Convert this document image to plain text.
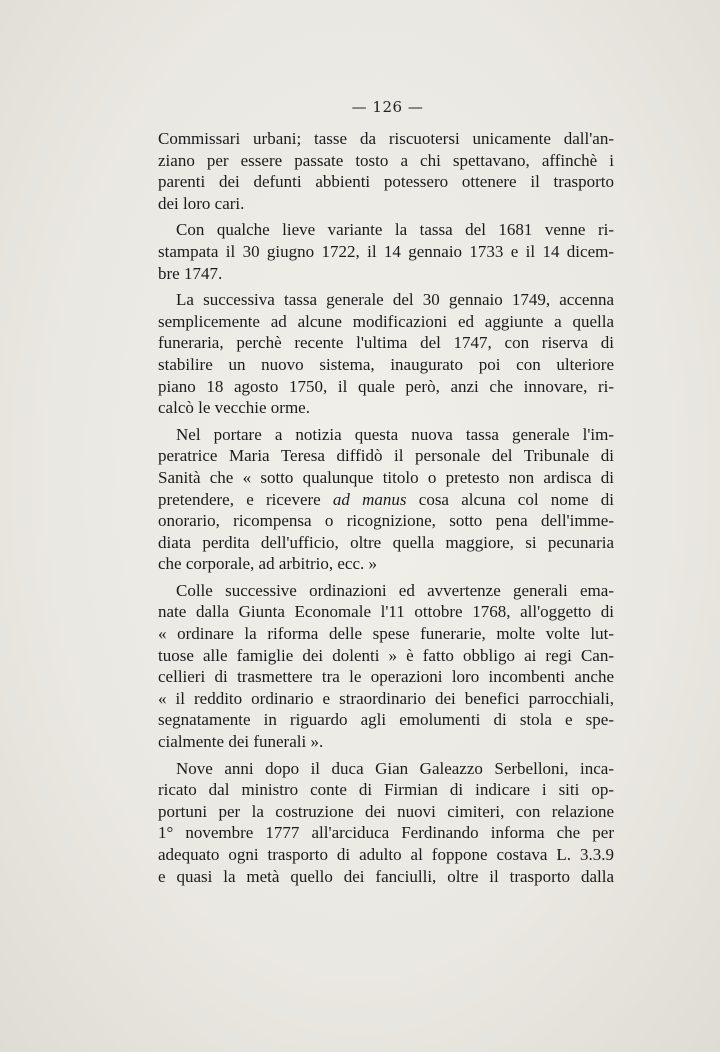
— 126 —

Commissari urbani; tasse da riscuotersi unicamente dall'an-
ziano per essere passate tosto a chi spettavano, affinchè i
parenti dei defunti abbienti potessero ottenere il trasporto
dei loro cari.

Con qualche lieve variante la tassa del 1681 venne ri-
stampata il 30 giugno 1722, il 14 gennaio 1733 e il 14 dicem-
bre 1747.

La successiva tassa generale del 30 gennaio 1749, accenna
semplicemente ad alcune modificazioni ed aggiunte a quella
funeraria, perchè recente l'ultima del 1747, con riserva di
stabilire un nuovo sistema, inaugurato poi con ulteriore
piano 18 agosto 1750, il quale però, anzi che innovare, ri-
calcò le vecchie orme.

Nel portare a notizia questa nuova tassa generale l'im-
peratrice Maria Teresa diffidò il personale del Tribunale di
Sanità che « sotto qualunque titolo o pretesto non ardisca di
pretendere, e ricevere ad manus cosa alcuna col nome di
onorario, ricompensa o ricognizione, sotto pena dell'imme-
diata perdita dell'ufficio, oltre quella maggiore, si pecunaria
che corporale, ad arbitrio, ecc. »

Colle successive ordinazioni ed avvertenze generali ema-
nate dalla Giunta Economale l'11 ottobre 1768, all'oggetto di
« ordinare la riforma delle spese funerarie, molte volte lut-
tuose alle famiglie dei dolenti » è fatto obbligo ai regi Can-
cellieri di trasmettere tra le operazioni loro incombenti anche
« il reddito ordinario e straordinario dei benefici parrocchiali,
segnatamente in riguardo agli emolumenti di stola e spe-
cialmente dei funerali ».

Nove anni dopo il duca Gian Galeazzo Serbelloni, inca-
ricato dal ministro conte di Firmian di indicare i siti op-
portuni per la costruzione dei nuovi cimiteri, con relazione
1° novembre 1777 all'arciduca Ferdinando informa che per
adequato ogni trasporto di adulto al foppone costava L. 3.3.9
e quasi la metà quello dei fanciulli, oltre il trasporto dalla
